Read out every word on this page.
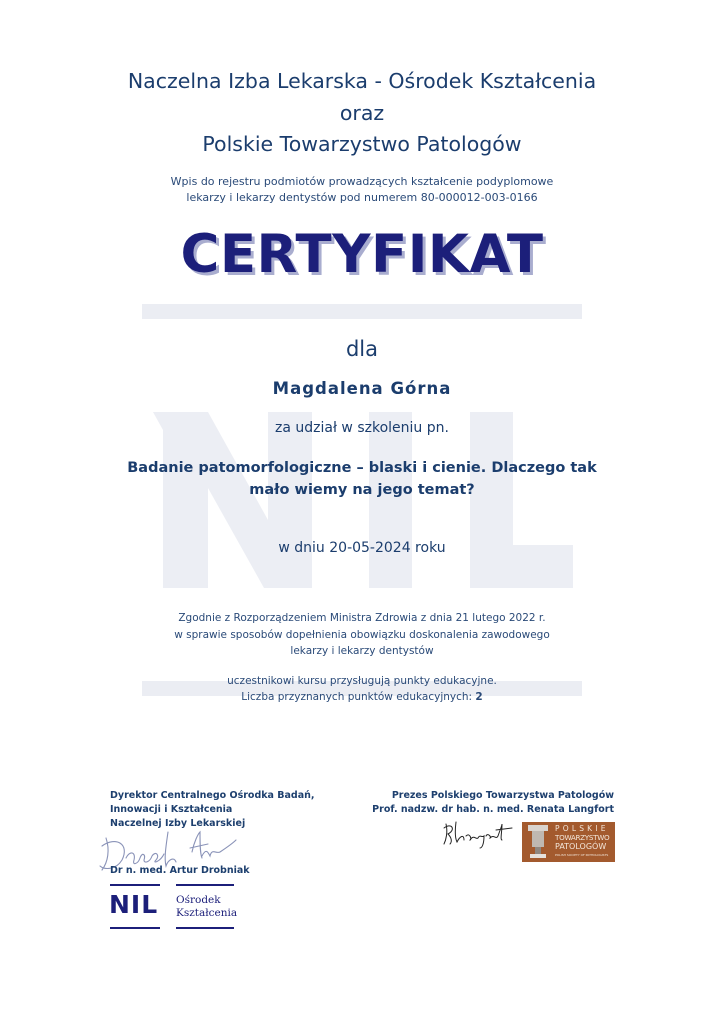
Naczelna Izba Lekarska - Ośrodek Kształcenia
oraz
Polskie Towarzystwo Patologów
Wpis do rejestru podmiotów prowadzących kształcenie podyplomowe
lekarzy i lekarzy dentystów pod numerem 80-000012-003-0166
CERTYFIKAT
dla
Magdalena Górna
za udział w szkoleniu pn.
Badanie patomorfologiczne – blaski i cienie. Dlaczego tak
mało wiemy na jego temat?
w dniu 20-05-2024 roku
Zgodnie z Rozporządzeniem Ministra Zdrowia z dnia 21 lutego 2022 r.
w sprawie sposobów dopełnienia obowiązku doskonalenia zawodowego
lekarzy i lekarzy dentystów
uczestnikowi kursu przysługują punkty edukacyjne.
Liczba przyznanych punktów edukacyjnych: 2
Dyrektor Centralnego Ośrodka Badań,
Innowacji i Kształcenia
Naczelnej Izby Lekarskiej
Dr n. med. Artur Drobniak
NIL Ośrodek
Kształcenia
Prezes Polskiego Towarzystwa Patologów
Prof. nadzw. dr hab. n. med. Renata Langfort
POLSKIE
TOWARZYSTWO
PATOLOGÓW
POLISH SOCIETY OF PATHOLOGISTS
